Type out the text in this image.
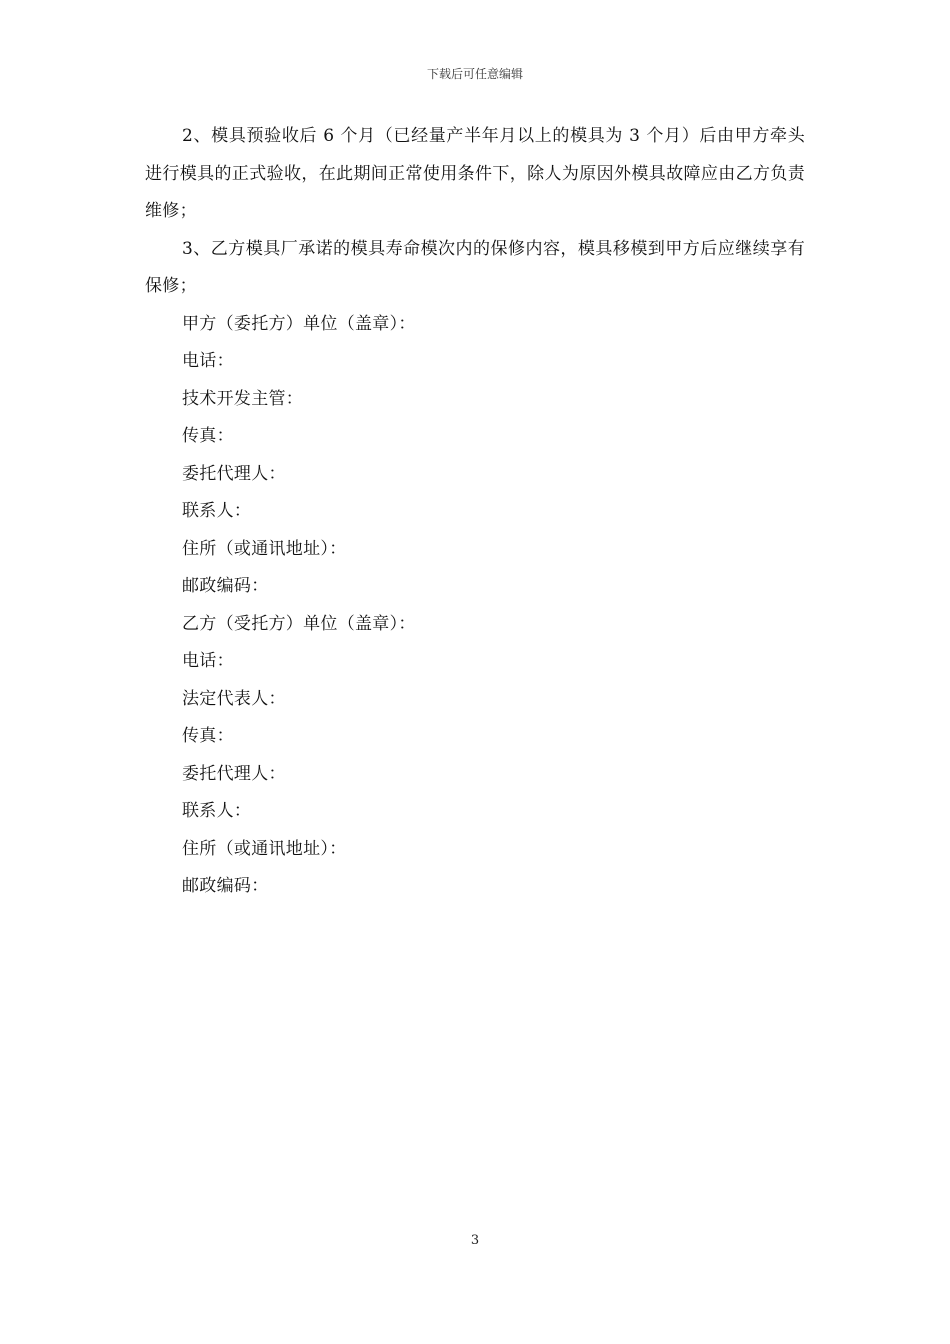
下载后可任意编辑

2、模具预验收后 6 个月（已经量产半年月以上的模具为 3 个月）后由甲方牵头进行模具的正式验收，在此期间正常使用条件下，除人为原因外模具故障应由乙方负责维修；

3、乙方模具厂承诺的模具寿命模次内的保修内容，模具移模到甲方后应继续享有保修；

甲方（委托方）单位（盖章）：

电话：

技术开发主管：

传真：

委托代理人：

联系人：

住所（或通讯地址）：

邮政编码：

乙方（受托方）单位（盖章）：

电话：

法定代表人：

传真：

委托代理人：

联系人：

住所（或通讯地址）：

邮政编码：

3
